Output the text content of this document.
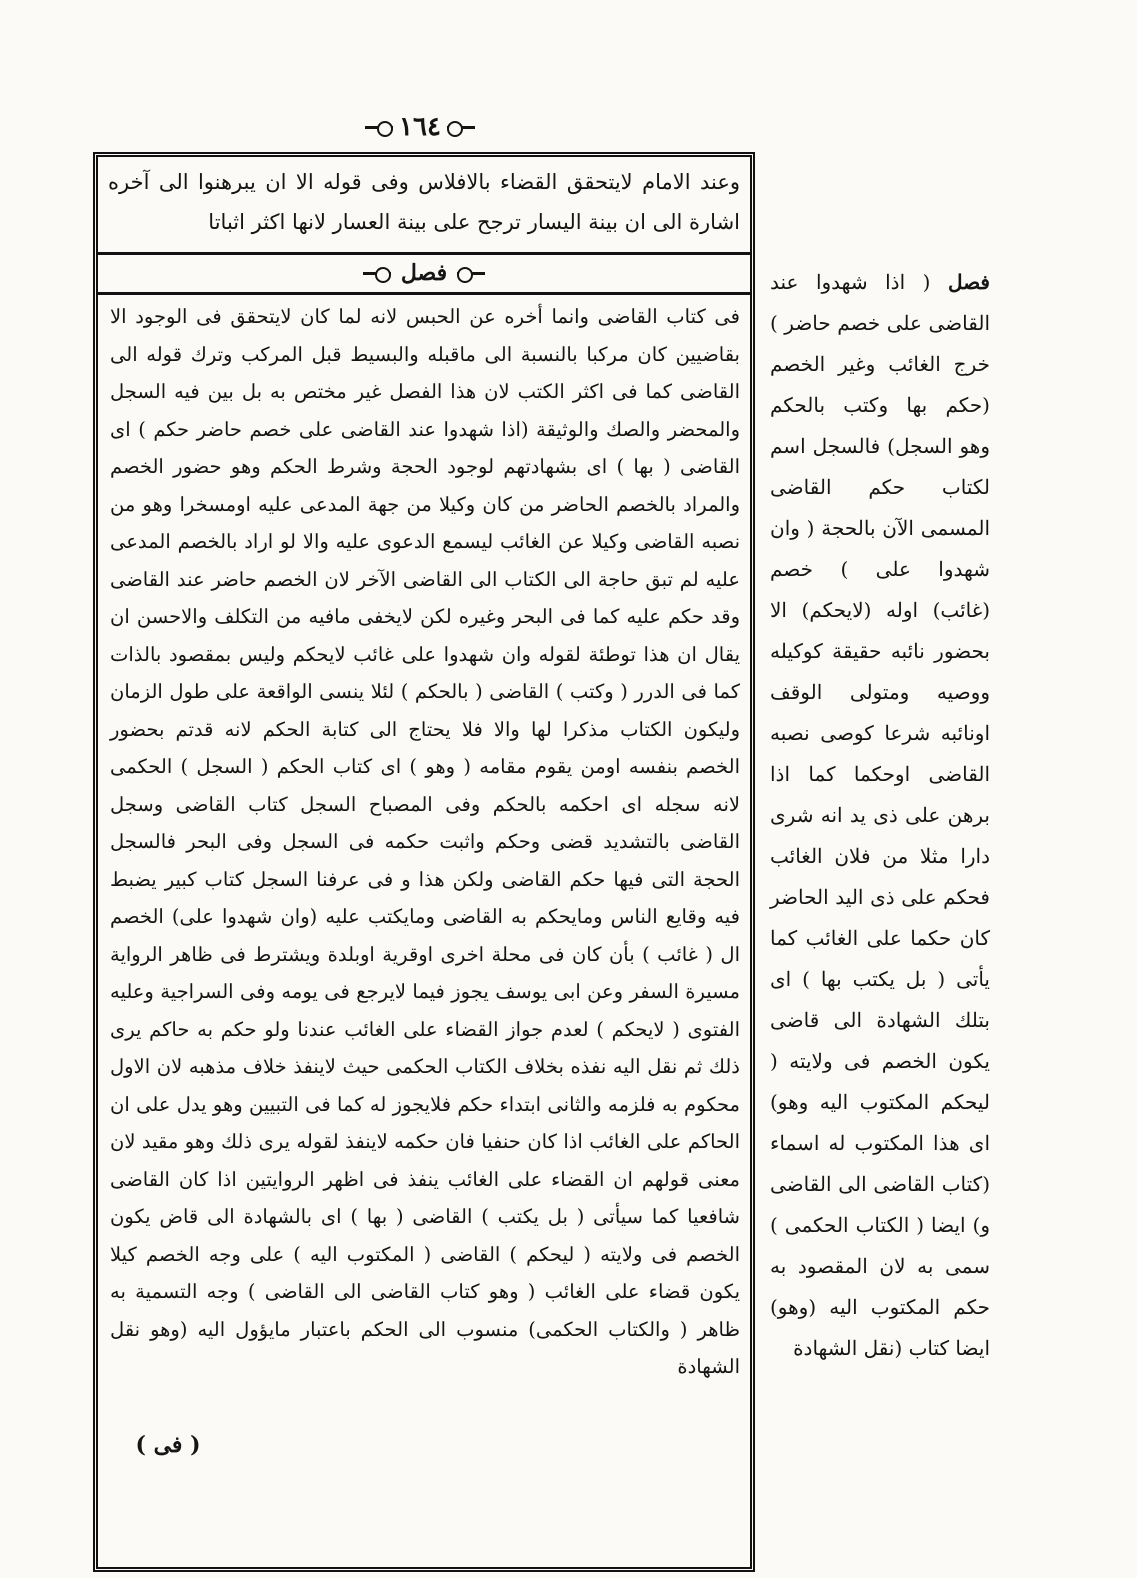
١٦٤
وعند الامام لايتحقق القضاء بالافلاس وفى قوله الا ان يبرهنوا الى آخره اشارة الى ان بينة اليسار ترجح على بينة العسار لانها اكثر اثباتا
فصل

فى كتاب القاضى وانما أخره عن الحبس لانه لما كان لايتحقق فى الوجود الا بقاضيين كان مركبا بالنسبة الى ماقبله والبسيط قبل المركب وترك قوله الى القاضى كما فى اكثر الكتب لان هذا الفصل غير مختص به بل بين فيه السجل والمحضر والصك والوثيقة (اذا شهدوا عند القاضى على خصم حاضر حكم ) اى القاضى ( بها ) اى بشهادتهم لوجود الحجة وشرط الحكم وهو حضور الخصم والمراد بالخصم الحاضر من كان وكيلا من جهة المدعى عليه اومسخرا وهو من نصبه القاضى وكيلا عن الغائب ليسمع الدعوى عليه والا لو اراد بالخصم المدعى عليه لم تبق حاجة الى الكتاب الى القاضى الآخر لان الخصم حاضر عند القاضى وقد حكم عليه كما فى البحر وغيره لكن لايخفى مافيه من التكلف والاحسن ان يقال ان هذا توطئة لقوله وان شهدوا على غائب لايحكم وليس بمقصود بالذات كما فى الدرر ( وكتب ) القاضى ( بالحكم ) لئلا ينسى الواقعة على طول الزمان وليكون الكتاب مذكرا لها والا فلا يحتاج الى كتابة الحكم لانه قدتم بحضور الخصم بنفسه اومن يقوم مقامه ( وهو ) اى كتاب الحكم ( السجل ) الحكمى لانه سجله اى احكمه بالحكم وفى المصباح السجل كتاب القاضى وسجل القاضى بالتشديد قضى وحكم واثبت حكمه فى السجل وفى البحر فالسجل الحجة التى فيها حكم القاضى ولكن هذا و فى عرفنا السجل كتاب كبير يضبط فيه وقايع الناس ومايحكم به القاضى ومايكتب عليه (وان شهدوا على) الخصم ال ( غائب ) بأن كان فى محلة اخرى اوقرية اوبلدة ويشترط فى ظاهر الرواية مسيرة السفر وعن ابى يوسف يجوز فيما لايرجع فى يومه وفى السراجية وعليه الفتوى ( لايحكم ) لعدم جواز القضاء على الغائب عندنا ولو حكم به حاكم يرى ذلك ثم نقل اليه نفذه بخلاف الكتاب الحكمى حيث لاينفذ خلاف مذهبه لان الاول محكوم به فلزمه والثانى ابتداء حكم فلايجوز له كما فى التبيين وهو يدل على ان الحاكم على الغائب اذا كان حنفيا فان حكمه لاينفذ لقوله يرى ذلك وهو مقيد لان معنى قولهم ان القضاء على الغائب ينفذ فى اظهر الروايتين اذا كان القاضى شافعيا كما سيأتى ( بل يكتب ) القاضى ( بها ) اى بالشهادة الى قاض يكون الخصم فى ولايته ( ليحكم ) القاضى ( المكتوب اليه ) على وجه الخصم كيلا يكون قضاء على الغائب ( وهو كتاب القاضى الى القاضى ) وجه التسمية به ظاهر ( والكتاب الحكمى) منسوب الى الحكم باعتبار مايؤول اليه (وهو نقل الشهادة

فصل ( اذا شهدوا عند القاضى على خصم حاضر ) خرج الغائب وغير الخصم (حكم بها وكتب بالحكم وهو السجل) فالسجل اسم لكتاب حكم القاضى المسمى الآن بالحجة ( وان شهدوا على ) خصم (غائب) اوله (لايحكم) الا بحضور نائبه حقيقة كوكيله ووصيه ومتولى الوقف اونائبه شرعا كوصى نصبه القاضى اوحكما كما اذا برهن على ذى يد انه شرى دارا مثلا من فلان الغائب فحكم على ذى اليد الحاضر كان حكما على الغائب كما يأتى ( بل يكتب بها ) اى بتلك الشهادة الى قاضى يكون الخصم فى ولايته ( ليحكم المكتوب اليه وهو) اى هذا المكتوب له اسماء (كتاب القاضى الى القاضى و) ايضا ( الكتاب الحكمى ) سمى به لان المقصود به حكم المكتوب اليه (وهو) ايضا كتاب (نقل الشهادة
( فى )
